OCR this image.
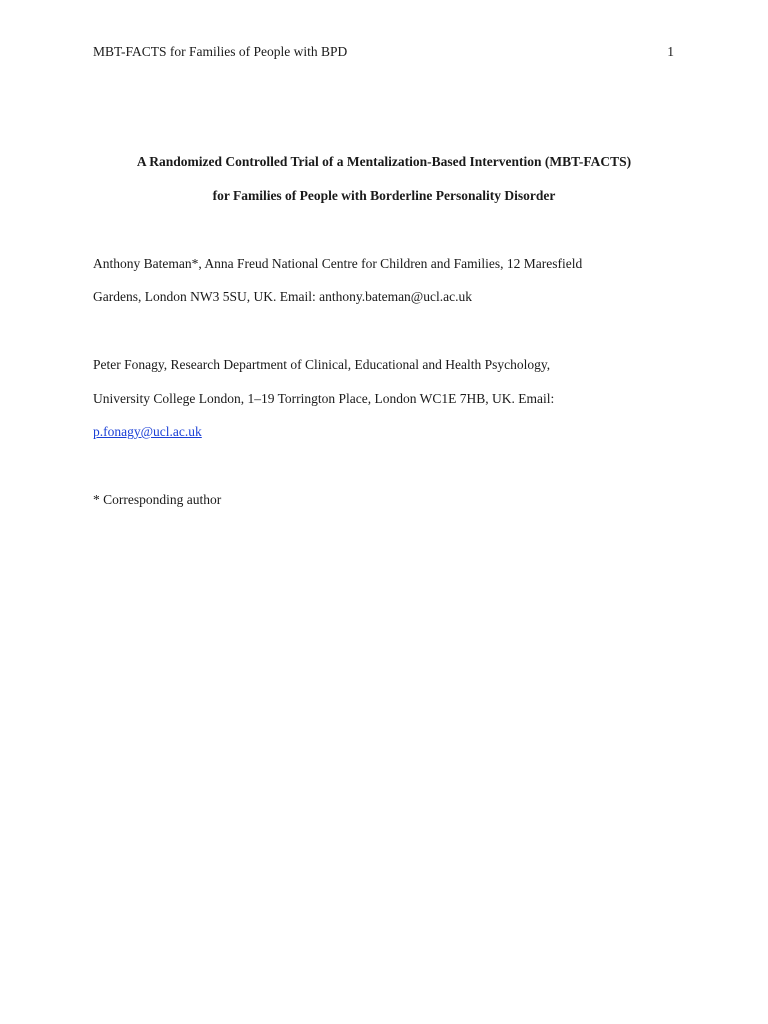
MBT-FACTS for Families of People with BPD	1
A Randomized Controlled Trial of a Mentalization-Based Intervention (MBT-FACTS)
for Families of People with Borderline Personality Disorder
Anthony Bateman*, Anna Freud National Centre for Children and Families, 12 Maresfield
Gardens, London NW3 5SU, UK. Email: anthony.bateman@ucl.ac.uk
Peter Fonagy, Research Department of Clinical, Educational and Health Psychology,
University College London, 1–19 Torrington Place, London WC1E 7HB, UK. Email:
p.fonagy@ucl.ac.uk
* Corresponding author
